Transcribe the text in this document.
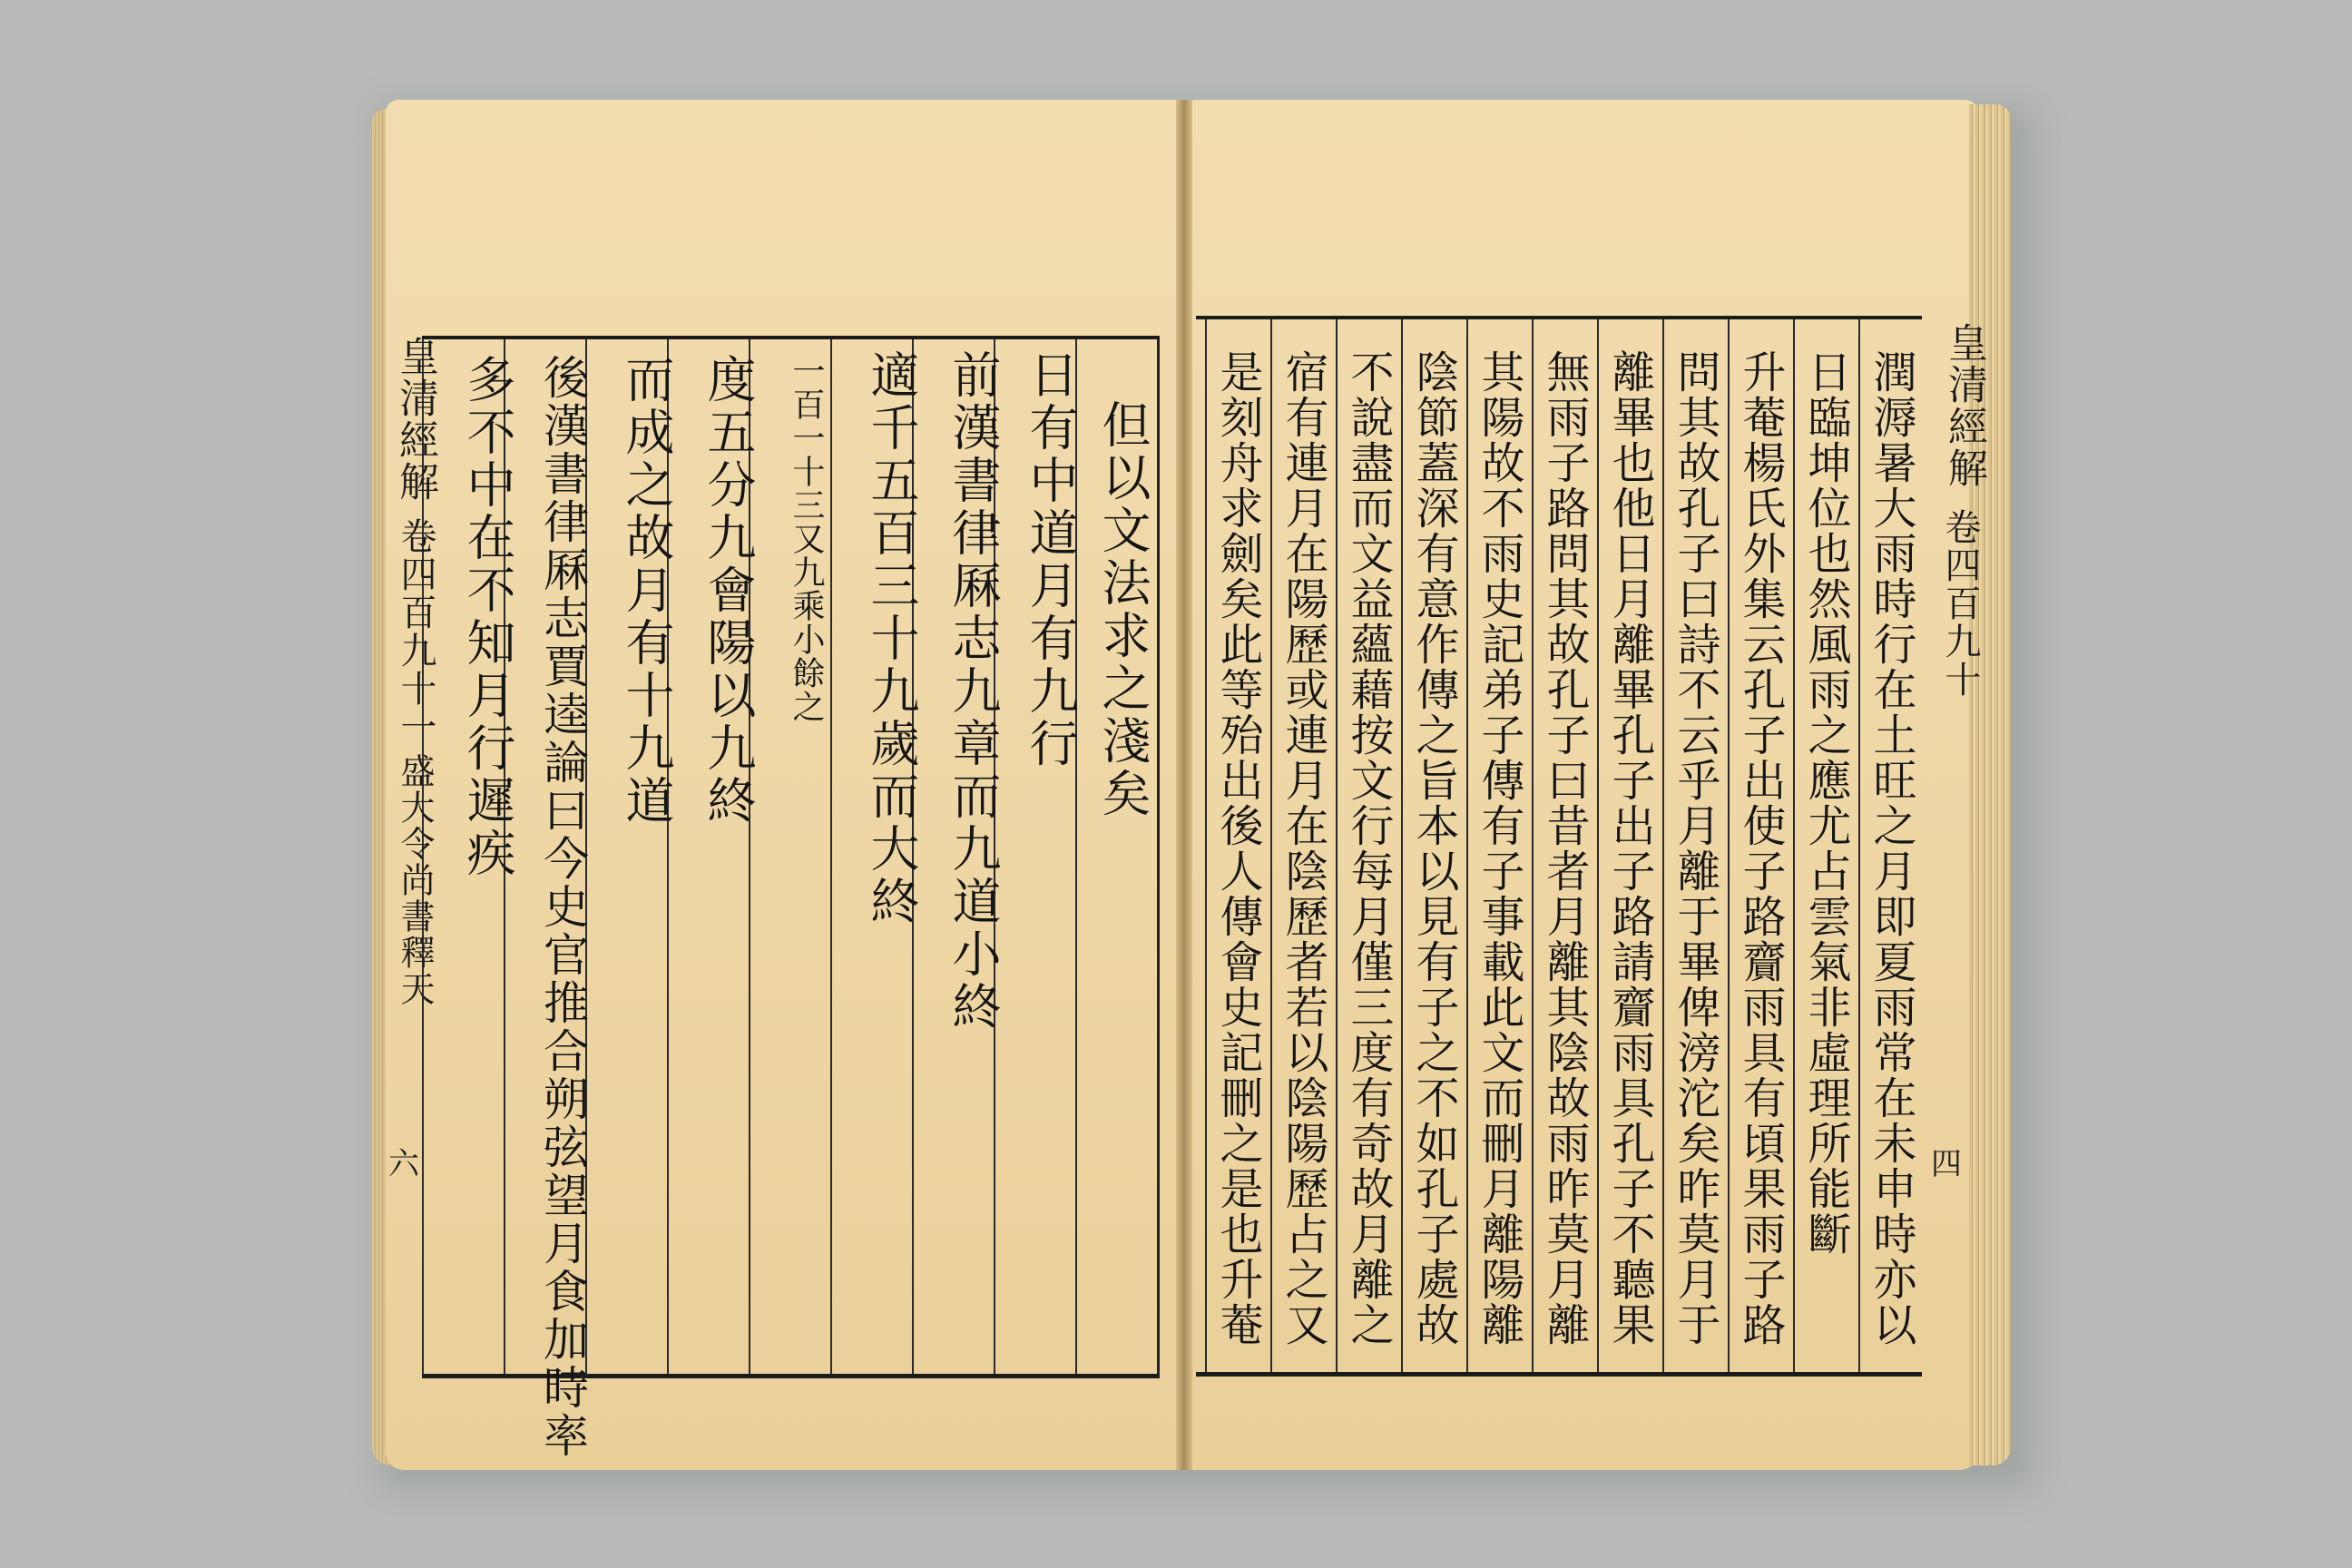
皇清經解
卷四百九十一
盛大令尚書釋天
六
但以文法求之淺矣
日有中道月有九行
前漢書律厤志九章而九道小終
適千五百三十九歲而大終
一百一十三又九乘小餘之
度五分九會陽以九終
而成之故月有十九道
後漢書律厤志賈逵論曰今史官推合朔弦望月食加時率
多不中在不知月行遲疾	皇清經解
卷四百九十
四
潤溽暑大雨時行在土旺之月即夏雨常在未申時亦以
日臨坤位也然風雨之應尤占雲氣非虛理所能斷
升菴楊氏外集云孔子出使子路齎雨具有頃果雨子路
問其故孔子曰詩不云乎月離于畢俾滂沱矣昨莫月于
離畢也他日月離畢孔子出子路請齎雨具孔子不聽果
無雨子路問其故孔子曰昔者月離其陰故雨昨莫月離
其陽故不雨史記弟子傳有子事載此文而刪月離陽離
陰節蓋深有意作傳之旨本以見有子之不如孔子處故
不說盡而文益蘊藉按文行每月僅三度有奇故月離之
宿有連月在陽歷或連月在陰歷者若以陰陽歷占之又
是刻舟求劍矣此等殆出後人傳會史記刪之是也升菴
